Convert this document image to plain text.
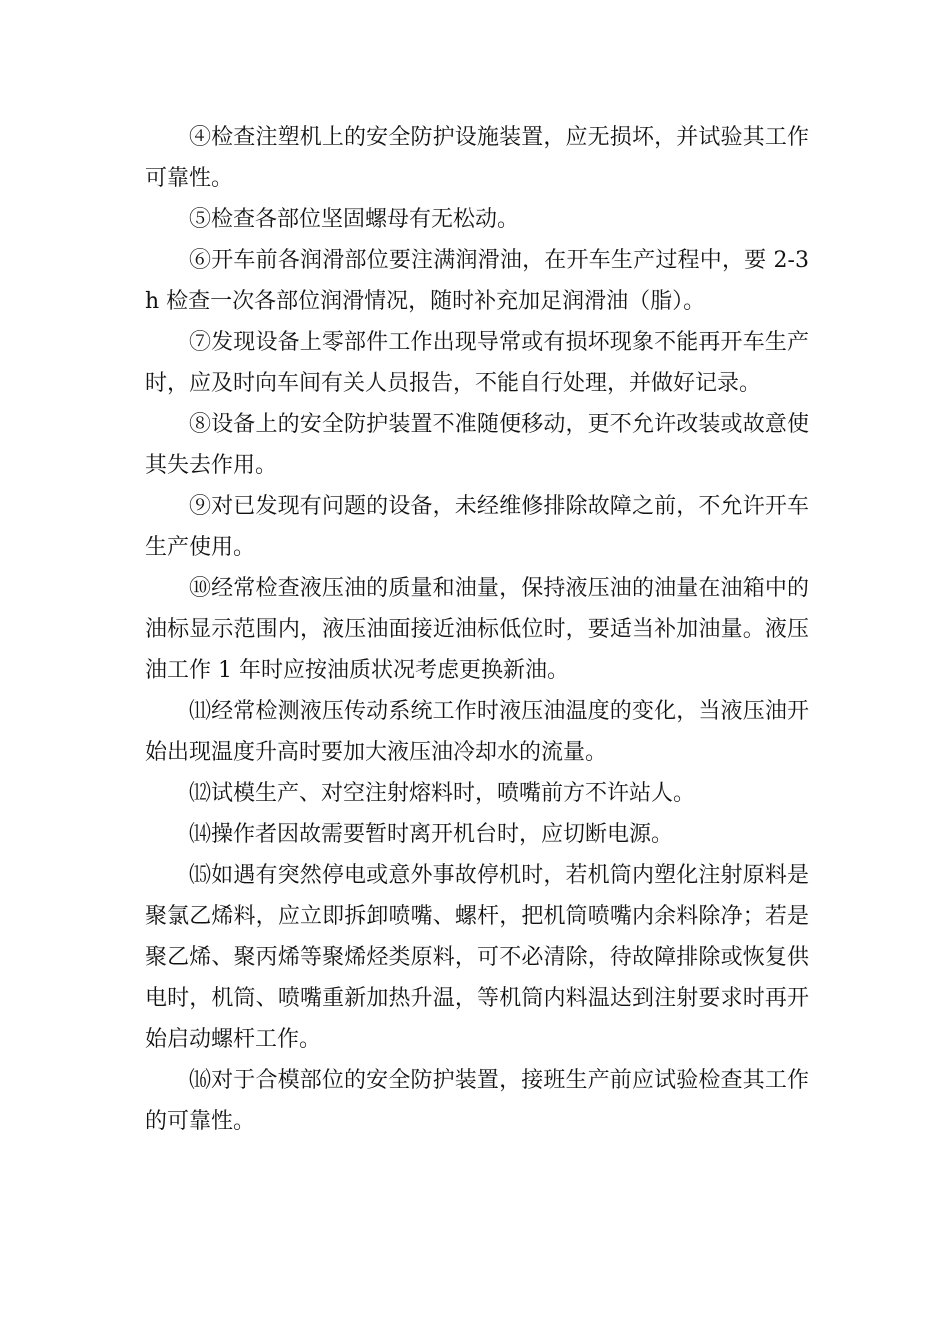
④检查注塑机上的安全防护设施装置，应无损坏，并试验其工作可靠性。

⑤检查各部位坚固螺母有无松动。

⑥开车前各润滑部位要注满润滑油，在开车生产过程中，要 2-3h 检查一次各部位润滑情况，随时补充加足润滑油（脂）。

⑦发现设备上零部件工作出现导常或有损坏现象不能再开车生产时，应及时向车间有关人员报告，不能自行处理，并做好记录。

⑧设备上的安全防护装置不准随便移动，更不允许改装或故意使其失去作用。

⑨对已发现有问题的设备，未经维修排除故障之前，不允许开车生产使用。

⑩经常检查液压油的质量和油量，保持液压油的油量在油箱中的油标显示范围内，液压油面接近油标低位时，要适当补加油量。液压油工作 1 年时应按油质状况考虑更换新油。

⑾经常检测液压传动系统工作时液压油温度的变化，当液压油开始出现温度升高时要加大液压油冷却水的流量。

⑿试模生产、对空注射熔料时，喷嘴前方不许站人。

⒁操作者因故需要暂时离开机台时，应切断电源。

⒂如遇有突然停电或意外事故停机时，若机筒内塑化注射原料是聚氯乙烯料，应立即拆卸喷嘴、螺杆，把机筒喷嘴内余料除净；若是聚乙烯、聚丙烯等聚烯烃类原料，可不必清除，待故障排除或恢复供电时，机筒、喷嘴重新加热升温，等机筒内料温达到注射要求时再开始启动螺杆工作。

⒃对于合模部位的安全防护装置，接班生产前应试验检查其工作的可靠性。
